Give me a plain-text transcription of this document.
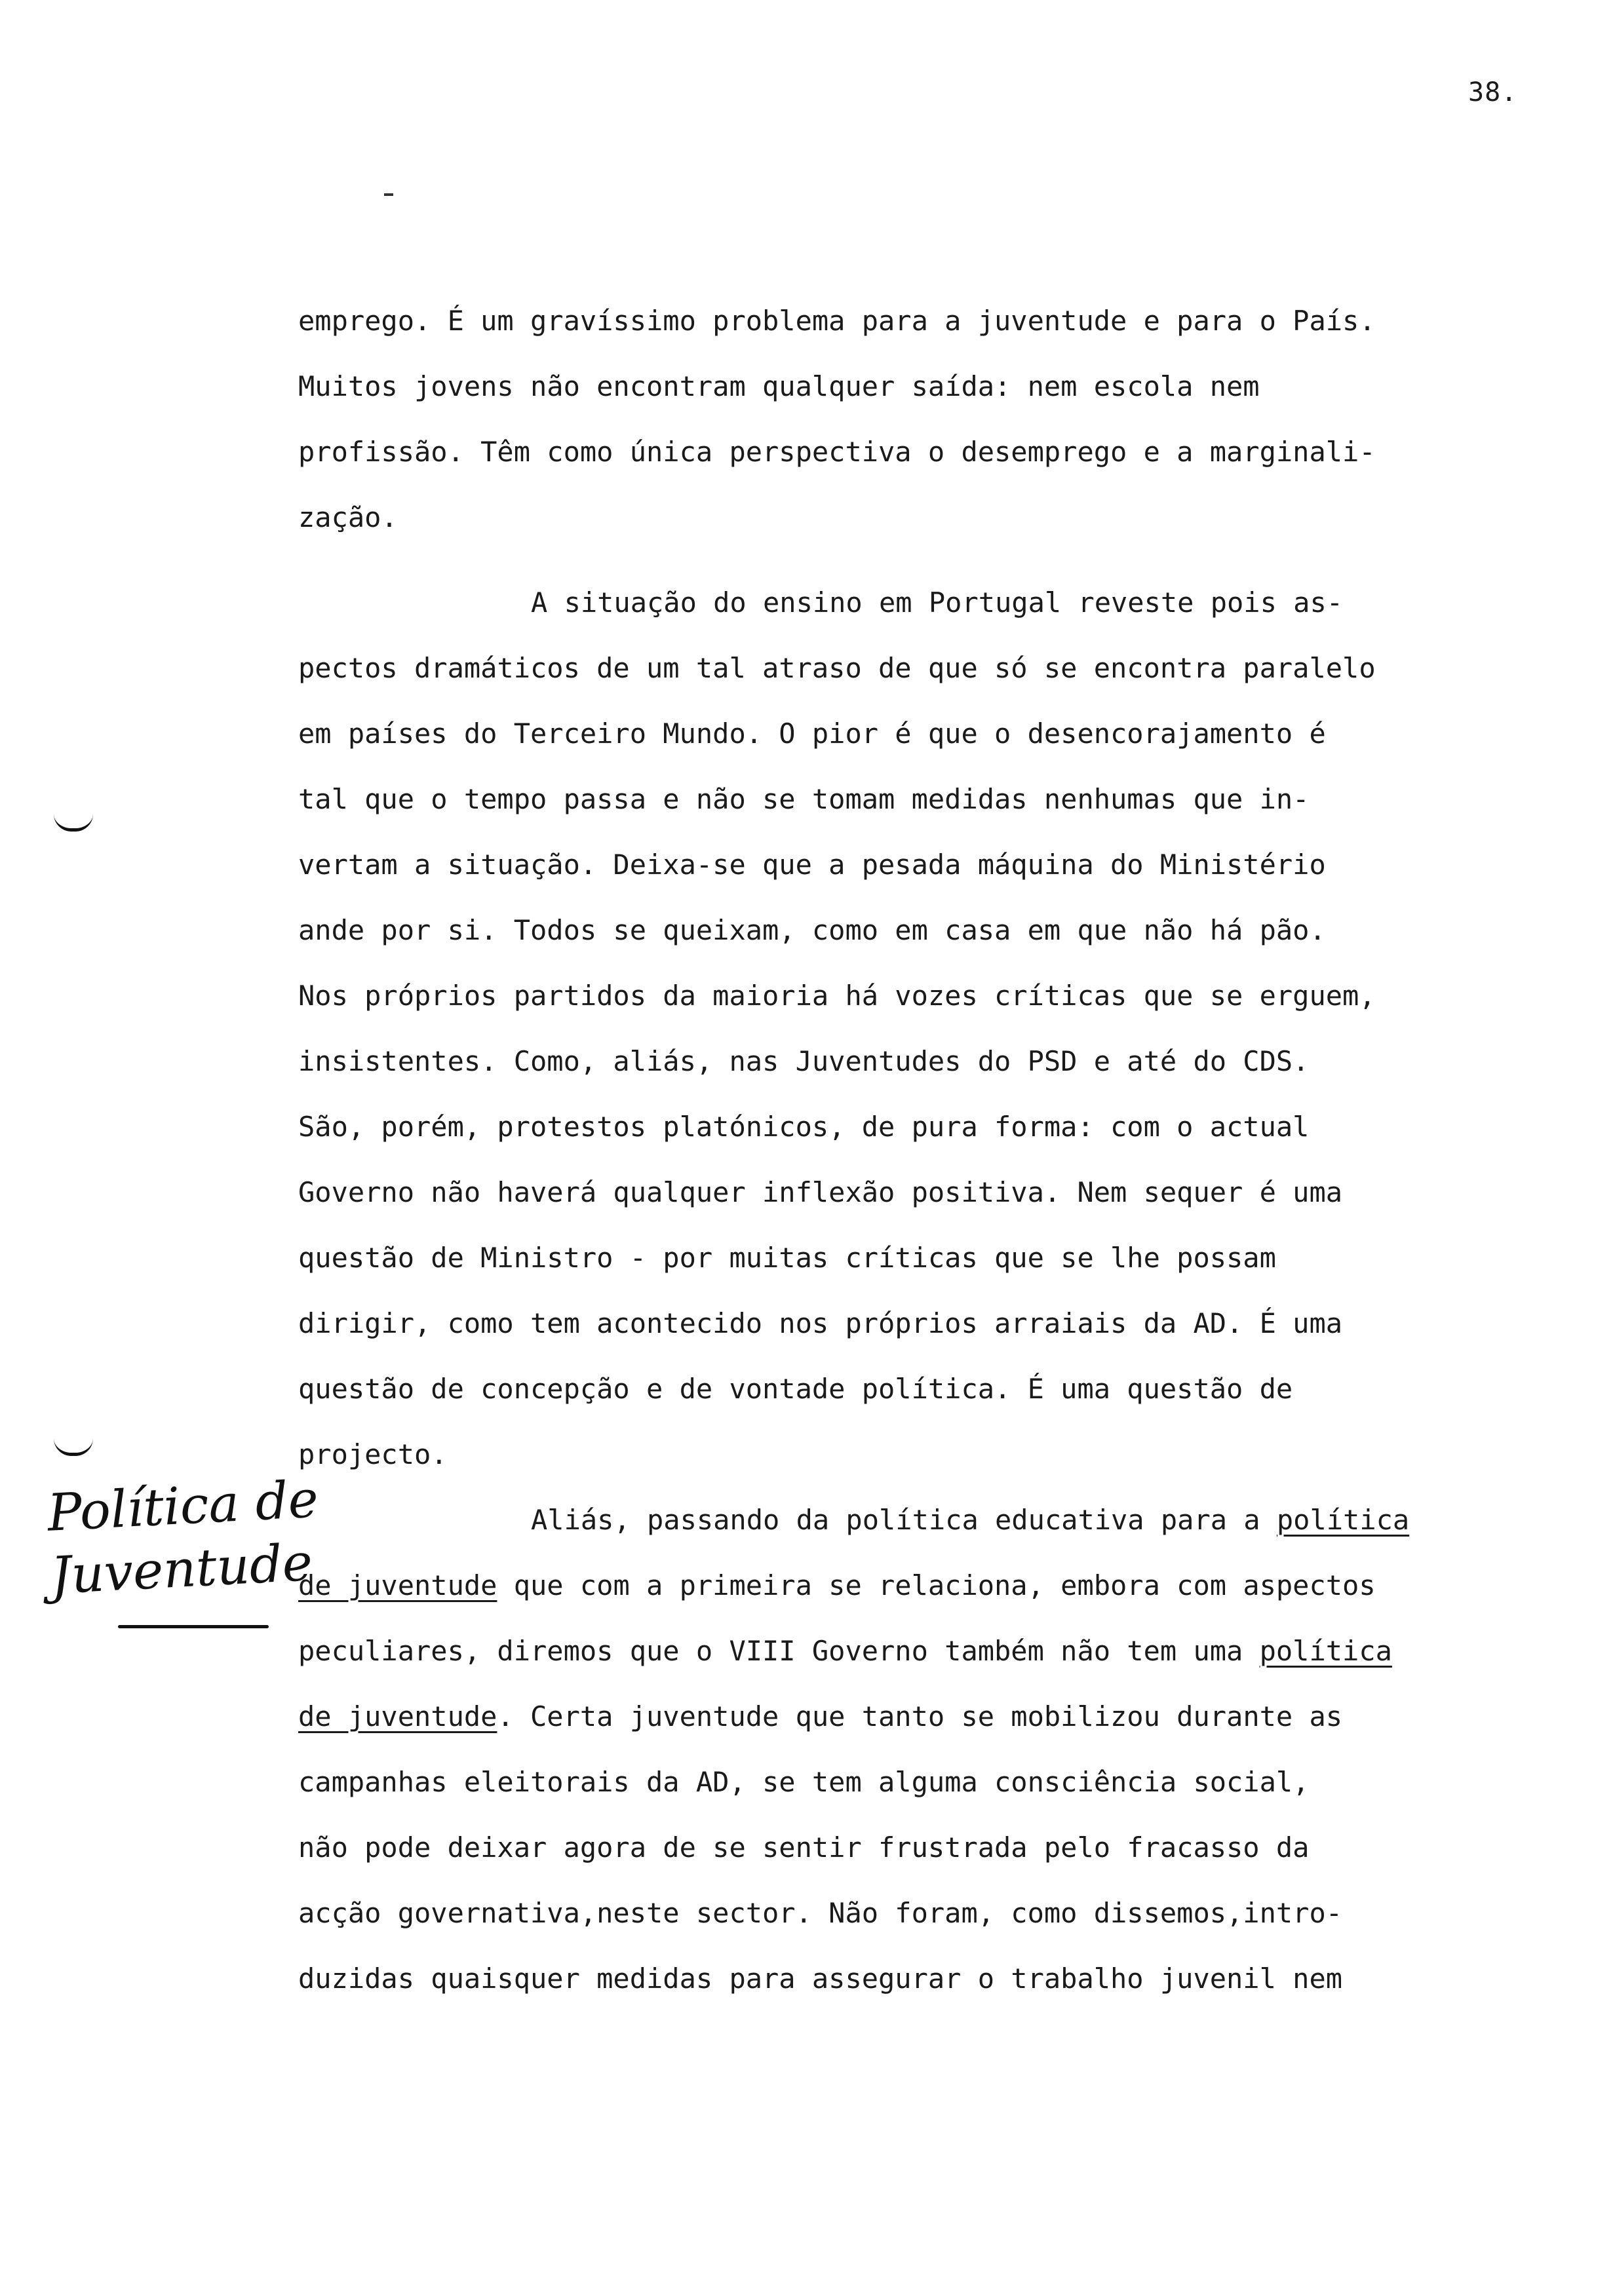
38.
Política de
Juventude
emprego. É um gravíssimo problema para a juventude e para o País.
Muitos jovens não encontram qualquer saída: nem escola nem
profissão. Têm como única perspectiva o desemprego e a marginali-
zação.
A situação do ensino em Portugal reveste pois as-
pectos dramáticos de um tal atraso de que só se encontra paralelo
em países do Terceiro Mundo. O pior é que o desencorajamento é
tal que o tempo passa e não se tomam medidas nenhumas que in-
vertam a situação. Deixa-se que a pesada máquina do Ministério
ande por si. Todos se queixam, como em casa em que não há pão.
Nos próprios partidos da maioria há vozes críticas que se erguem,
insistentes. Como, aliás, nas Juventudes do PSD e até do CDS.
São, porém, protestos platónicos, de pura forma: com o actual
Governo não haverá qualquer inflexão positiva. Nem sequer é uma
questão de Ministro - por muitas críticas que se lhe possam
dirigir, como tem acontecido nos próprios arraiais da AD. É uma
questão de concepção e de vontade política. É uma questão de
projecto.
Aliás, passando da política educativa para a política
de juventude que com a primeira se relaciona, embora com aspectos
peculiares, diremos que o VIII Governo também não tem uma política
de juventude. Certa juventude que tanto se mobilizou durante as
campanhas eleitorais da AD, se tem alguma consciência social,
não pode deixar agora de se sentir frustrada pelo fracasso da
acção governativa,neste sector. Não foram, como dissemos,intro-
duzidas quaisquer medidas para assegurar o trabalho juvenil nem
